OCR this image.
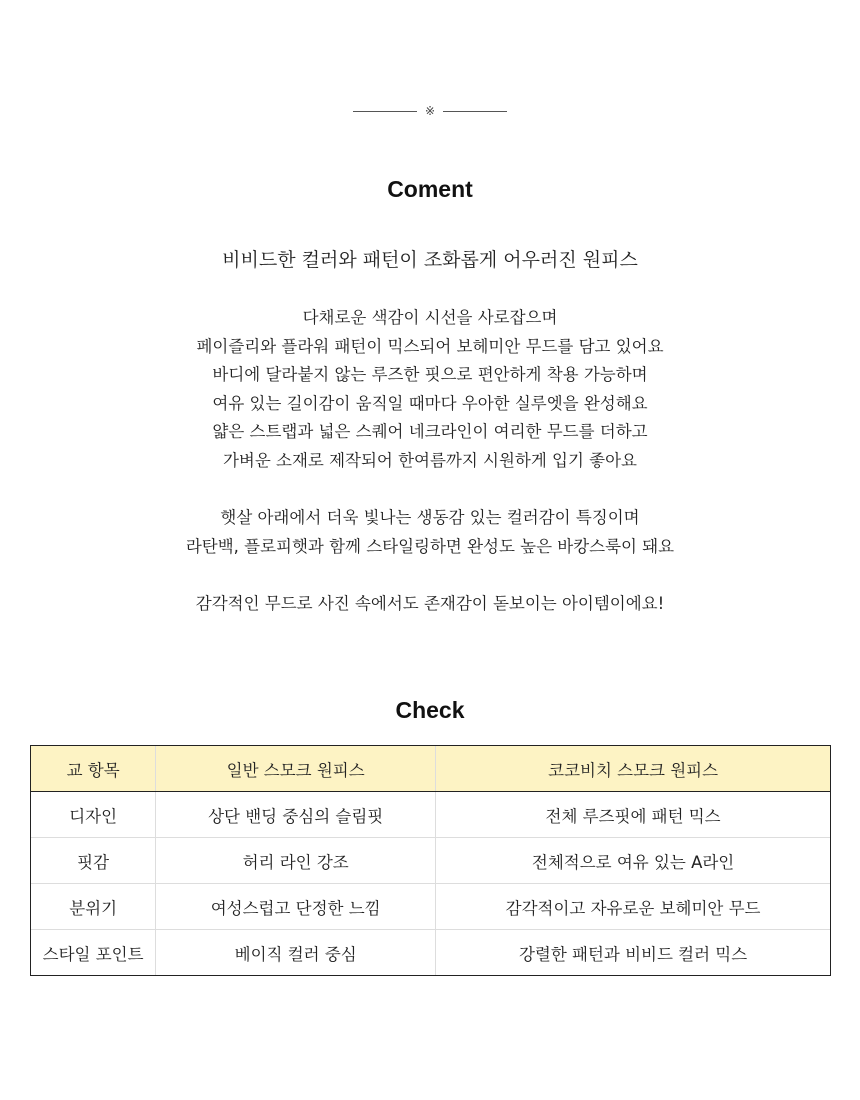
※
Coment

비비드한 컬러와 패턴이 조화롭게 어우러진 원피스

다채로운 색감이 시선을 사로잡으며
페이즐리와 플라워 패턴이 믹스되어 보헤미안 무드를 담고 있어요
바디에 달라붙지 않는 루즈한 핏으로 편안하게 착용 가능하며
여유 있는 길이감이 움직일 때마다 우아한 실루엣을 완성해요
얇은 스트랩과 넓은 스퀘어 네크라인이 여리한 무드를 더하고
가벼운 소재로 제작되어 한여름까지 시원하게 입기 좋아요
햇살 아래에서 더욱 빛나는 생동감 있는 컬러감이 특징이며
라탄백, 플로피햇과 함께 스타일링하면 완성도 높은 바캉스룩이 돼요
감각적인 무드로 사진 속에서도 존재감이 돋보이는 아이템이에요!
Check
교 항목	일반 스모크 원피스	코코비치 스모크 원피스
디자인	상단 밴딩 중심의 슬림핏	전체 루즈핏에 패턴 믹스
핏감	허리 라인 강조	전체적으로 여유 있는 A라인
분위기	여성스럽고 단정한 느낌	감각적이고 자유로운 보헤미안 무드
스타일 포인트	베이직 컬러 중심	강렬한 패턴과 비비드 컬러 믹스
